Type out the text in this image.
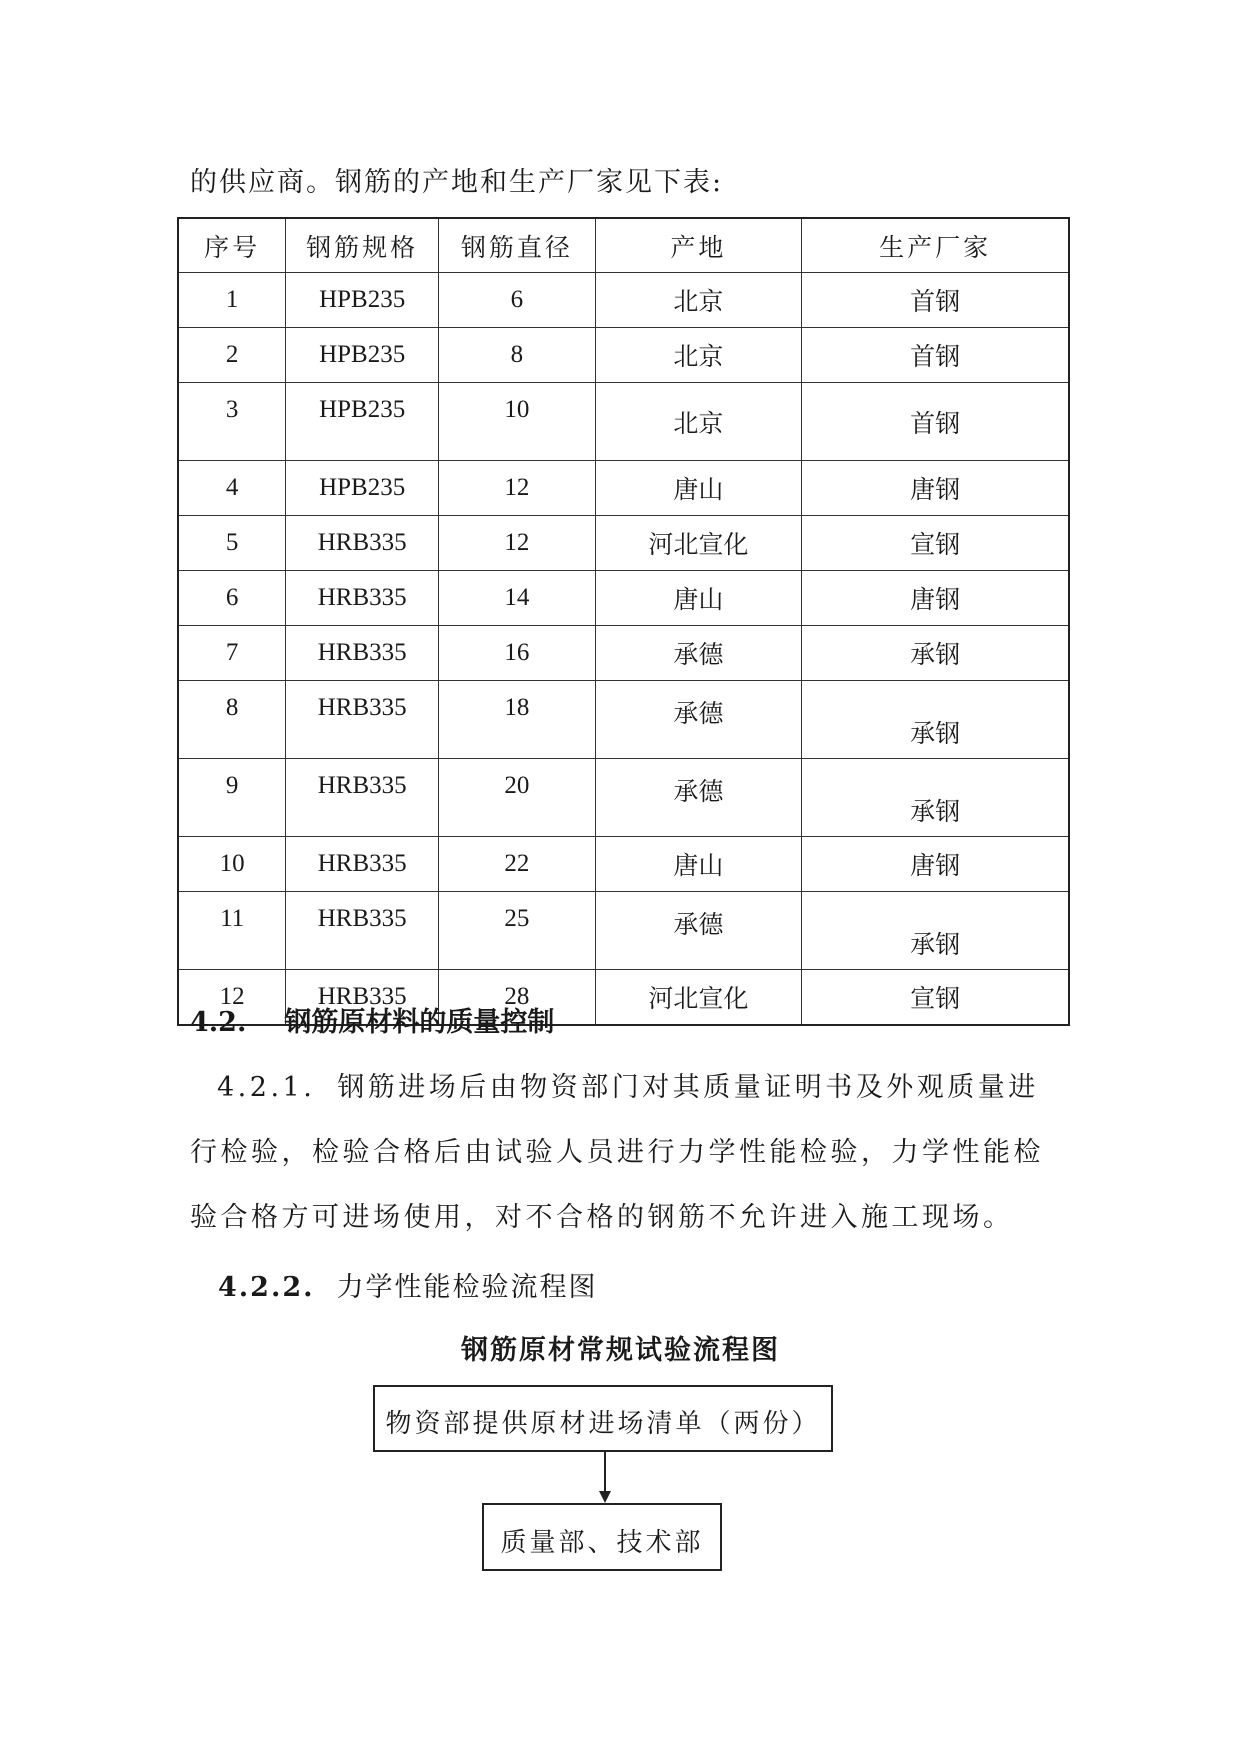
的供应商。钢筋的产地和生产厂家见下表:

序号	钢筋规格	钢筋直径	产地	生产厂家
1	HPB235	6	北京	首钢
2	HPB235	8	北京	首钢
3	HPB235	10	北京	首钢
4	HPB235	12	唐山	唐钢
5	HRB335	12	河北宣化	宣钢
6	HRB335	14	唐山	唐钢
7	HRB335	16	承德	承钢
8	HRB335	18	承德	承钢
9	HRB335	20	承德	承钢
10	HRB335	22	唐山	唐钢
11	HRB335	25	承德	承钢
12	HRB335	28	河北宣化	宣钢

4.2. 钢筋原材料的质量控制

4.2.1. 钢筋进场后由物资部门对其质量证明书及外观质量进行检验，检验合格后由试验人员进行力学性能检验，力学性能检验合格方可进场使用，对不合格的钢筋不允许进入施工现场。

4.2.2. 力学性能检验流程图

钢筋原材常规试验流程图

物资部提供原材进场清单（两份）
质量部、技术部
